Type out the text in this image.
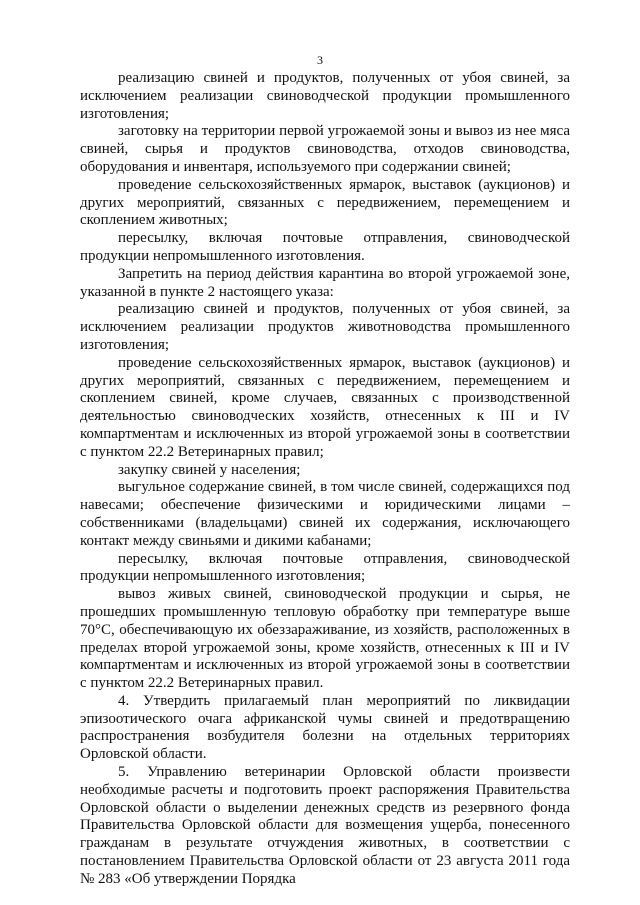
3

реализацию свиней и продуктов, полученных от убоя свиней, за исключением реализации свиноводческой продукции промышленного изготовления;

заготовку на территории первой угрожаемой зоны и вывоз из нее мяса свиней, сырья и продуктов свиноводства, отходов свиноводства, оборудования и инвентаря, используемого при содержании свиней;

проведение сельскохозяйственных ярмарок, выставок (аукционов) и других мероприятий, связанных с передвижением, перемещением и скоплением животных;

пересылку, включая почтовые отправления, свиноводческой продукции непромышленного изготовления.

Запретить на период действия карантина во второй угрожаемой зоне, указанной в пункте 2 настоящего указа:

реализацию свиней и продуктов, полученных от убоя свиней, за исключением реализации продуктов животноводства промышленного изготовления;

проведение сельскохозяйственных ярмарок, выставок (аукционов) и других мероприятий, связанных с передвижением, перемещением и скоплением свиней, кроме случаев, связанных с производственной деятельностью свиноводческих хозяйств, отнесенных к III и IV компартментам и исключенных из второй угрожаемой зоны в соответствии с пунктом 22.2 Ветеринарных правил;

закупку свиней у населения;

выгульное содержание свиней, в том числе свиней, содержащихся под навесами; обеспечение физическими и юридическими лицами – собственниками (владельцами) свиней их содержания, исключающего контакт между свиньями и дикими кабанами;

пересылку, включая почтовые отправления, свиноводческой продукции непромышленного изготовления;

вывоз живых свиней, свиноводческой продукции и сырья, не прошедших промышленную тепловую обработку при температуре выше 70°С, обеспечивающую их обеззараживание, из хозяйств, расположенных в пределах второй угрожаемой зоны, кроме хозяйств, отнесенных к III и IV компартментам и исключенных из второй угрожаемой зоны в соответствии с пунктом 22.2 Ветеринарных правил.

4. Утвердить прилагаемый план мероприятий по ликвидации эпизоотического очага африканской чумы свиней и предотвращению распространения возбудителя болезни на отдельных территориях Орловской области.

5. Управлению ветеринарии Орловской области произвести необходимые расчеты и подготовить проект распоряжения Правительства Орловской области о выделении денежных средств из резервного фонда Правительства Орловской области для возмещения ущерба, понесенного гражданам в результате отчуждения животных, в соответствии с постановлением Правительства Орловской области от 23 августа 2011 года № 283 «Об утверждении Порядка
